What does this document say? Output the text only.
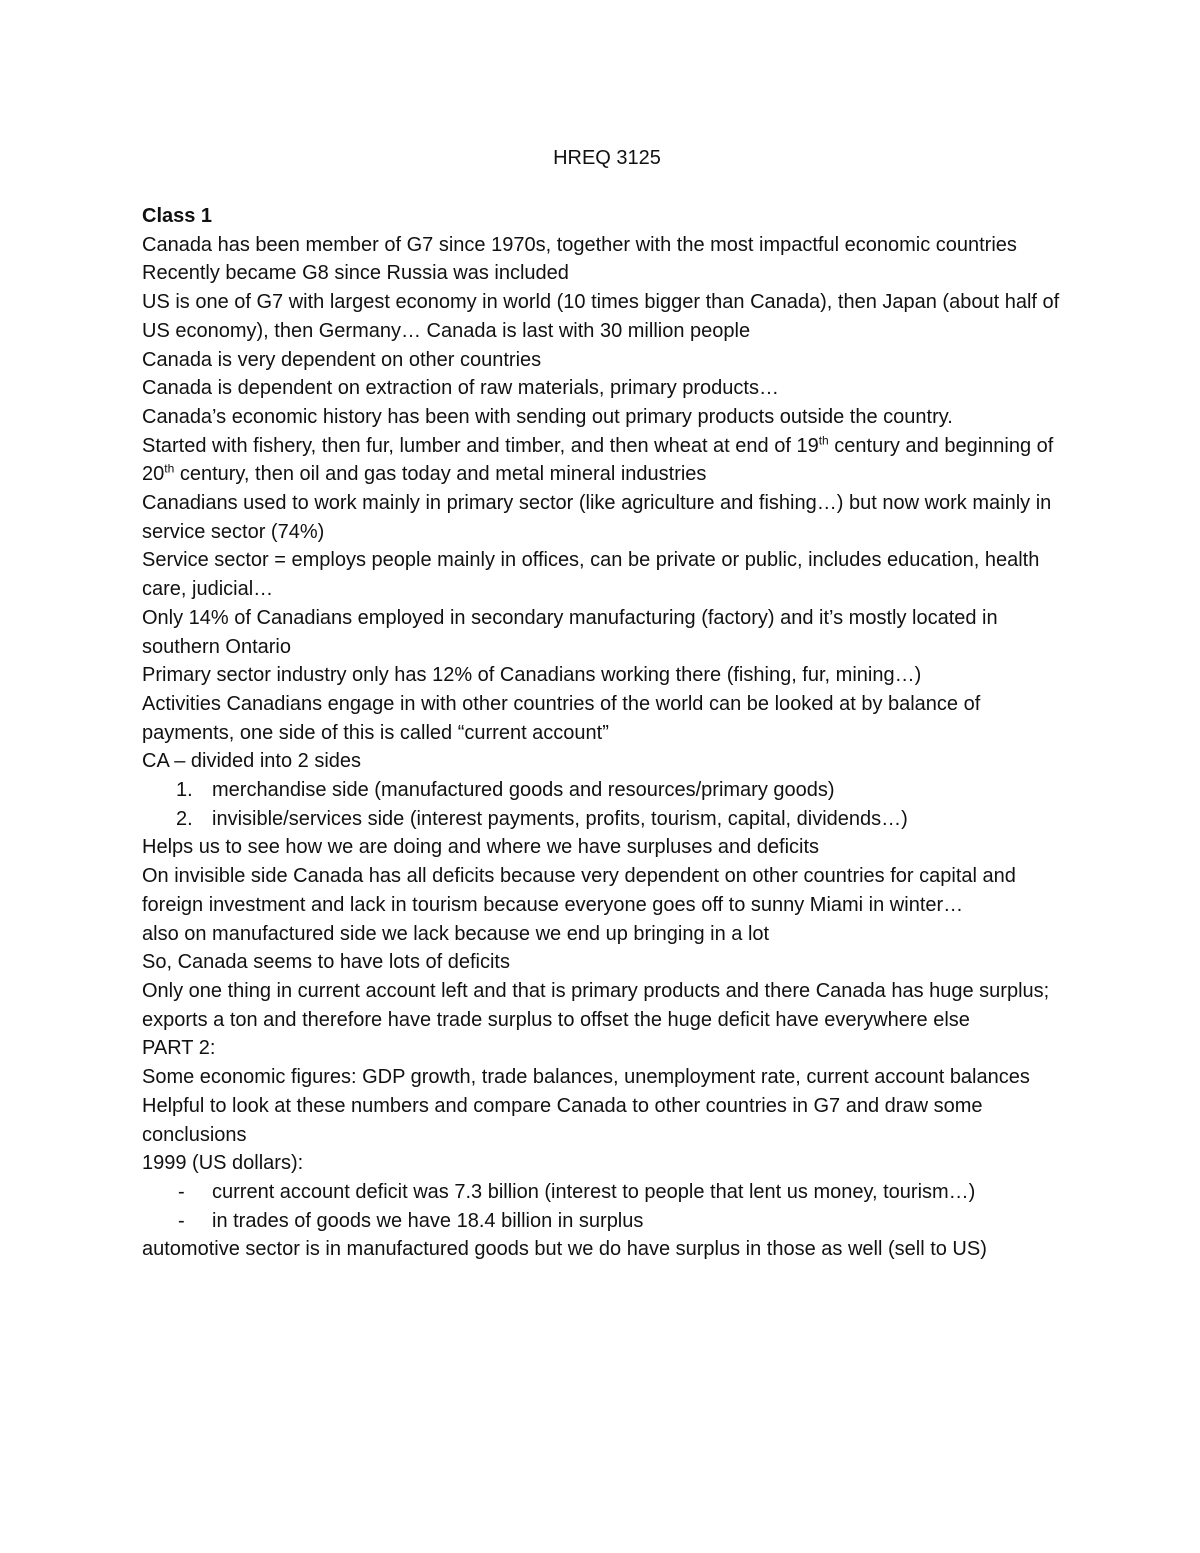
HREQ 3125

Class 1

Canada has been member of G7 since 1970s, together with the most impactful economic countries

Recently became G8 since Russia was included

US is one of G7 with largest economy in world (10 times bigger than Canada), then Japan (about half of US economy), then Germany… Canada is last with 30 million people

Canada is very dependent on other countries

Canada is dependent on extraction of raw materials, primary products…

Canada’s economic history has been with sending out primary products outside the country.

Started with fishery, then fur, lumber and timber, and then wheat at end of 19th century and beginning of 20th century, then oil and gas today and metal mineral industries

Canadians used to work mainly in primary sector (like agriculture and fishing…) but now work mainly in service sector (74%)

Service sector = employs people mainly in offices, can be private or public, includes education, health care, judicial…

Only 14% of Canadians employed in secondary manufacturing (factory) and it’s mostly located in southern Ontario

Primary sector industry only has 12% of Canadians working there (fishing, fur, mining…)

Activities Canadians engage in with other countries of the world can be looked at by balance of payments, one side of this is called “current account”

CA – divided into 2 sides

1. merchandise side (manufactured goods and resources/primary goods)
2. invisible/services side (interest payments, profits, tourism, capital, dividends…)

Helps us to see how we are doing and where we have surpluses and deficits

On invisible side Canada has all deficits because very dependent on other countries for capital and foreign investment and lack in tourism because everyone goes off to sunny Miami in winter…

also on manufactured side we lack because we end up bringing in a lot

So, Canada seems to have lots of deficits

Only one thing in current account left and that is primary products and there Canada has huge surplus; exports a ton and therefore have trade surplus to offset the huge deficit have everywhere else

PART 2:

Some economic figures: GDP growth, trade balances, unemployment rate, current account balances

Helpful to look at these numbers and compare Canada to other countries in G7 and draw some conclusions

1999 (US dollars):

- current account deficit was 7.3 billion (interest to people that lent us money, tourism…)
- in trades of goods we have 18.4 billion in surplus

automotive sector is in manufactured goods but we do have surplus in those as well (sell to US)
